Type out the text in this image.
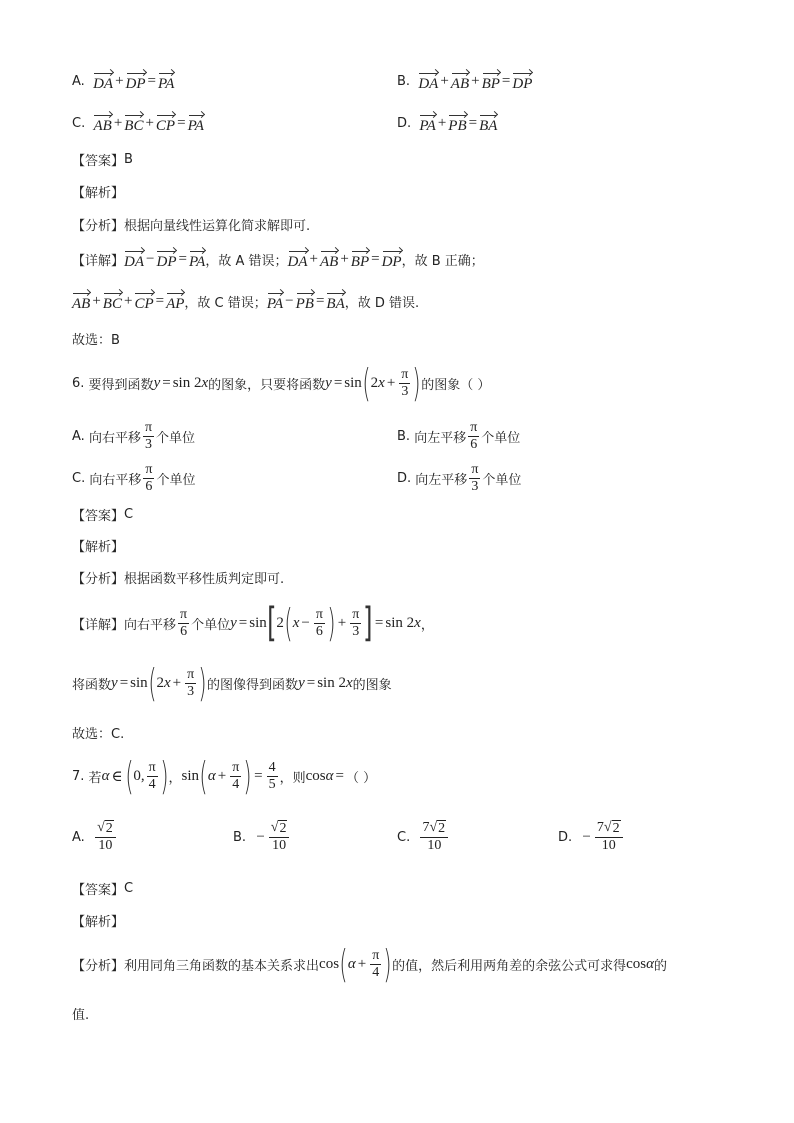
A.
DA + DP = PA	B.
DA + AB + BP = DP
C.
AB + BC + CP = PA	D.
PA + PB = BA
【答案】 B
【解析】
【分析】 根据向量线性运算化简求解即可.
【详解】 DA − DP = PA ，故 A 错误； DA + AB + BP = DP ，故 B 正确；
AB + BC + CP = AP ，故 C 错误； PA − PB = BA ，故 D 错误.
故选：B
6.
要得到函数 y = sin 2 x 的图象，只要将函数 y = sin ( 2 $x + \frac{\pi}{3}$ ) 的图象（ ）
A.
向右平移 $\frac{\pi}{3}$ 个单位	B.
向左平移 $\frac{\pi}{6}$ 个单位
C.
向右平移 $\frac{\pi}{6}$ 个单位	D.
向左平移 $\frac{\pi}{3}$ 个单位
【答案】 C
【解析】
【分析】 根据函数平移性质判定即可.
【详解】 向右平移 $\frac{\pi}{6}$ 个单位 y = sin [ 2 ( $x - \frac{\pi}{6}$ ) + $\frac{\pi}{3}$ ] = sin 2 x ，
将函数 y = sin ( 2 $x + \frac{\pi}{3}$ ) 的图像得到函数 y = sin 2 x 的图象
故选：C.
7.
若 α ∈ ( 0, $\frac{\pi}{4}$ ) ， sin ( $\alpha + \frac{\pi}{4}$ ) = $\frac{4}{5}$ ，则 cos α = （ ）
A.
$\frac{√ 2}{10}$	B.
− $\frac{√ 2}{10}$	C.
$\frac{7√ 2}{10}$	D.
− $\frac{7√ 2}{10}$
【答案】 C
【解析】
【分析】 利用同角三角函数的基本关系求出 cos ( $\alpha + \frac{\pi}{4}$ ) 的值，然后利用两角差的余弦公式可求得 cos α 的
值.
